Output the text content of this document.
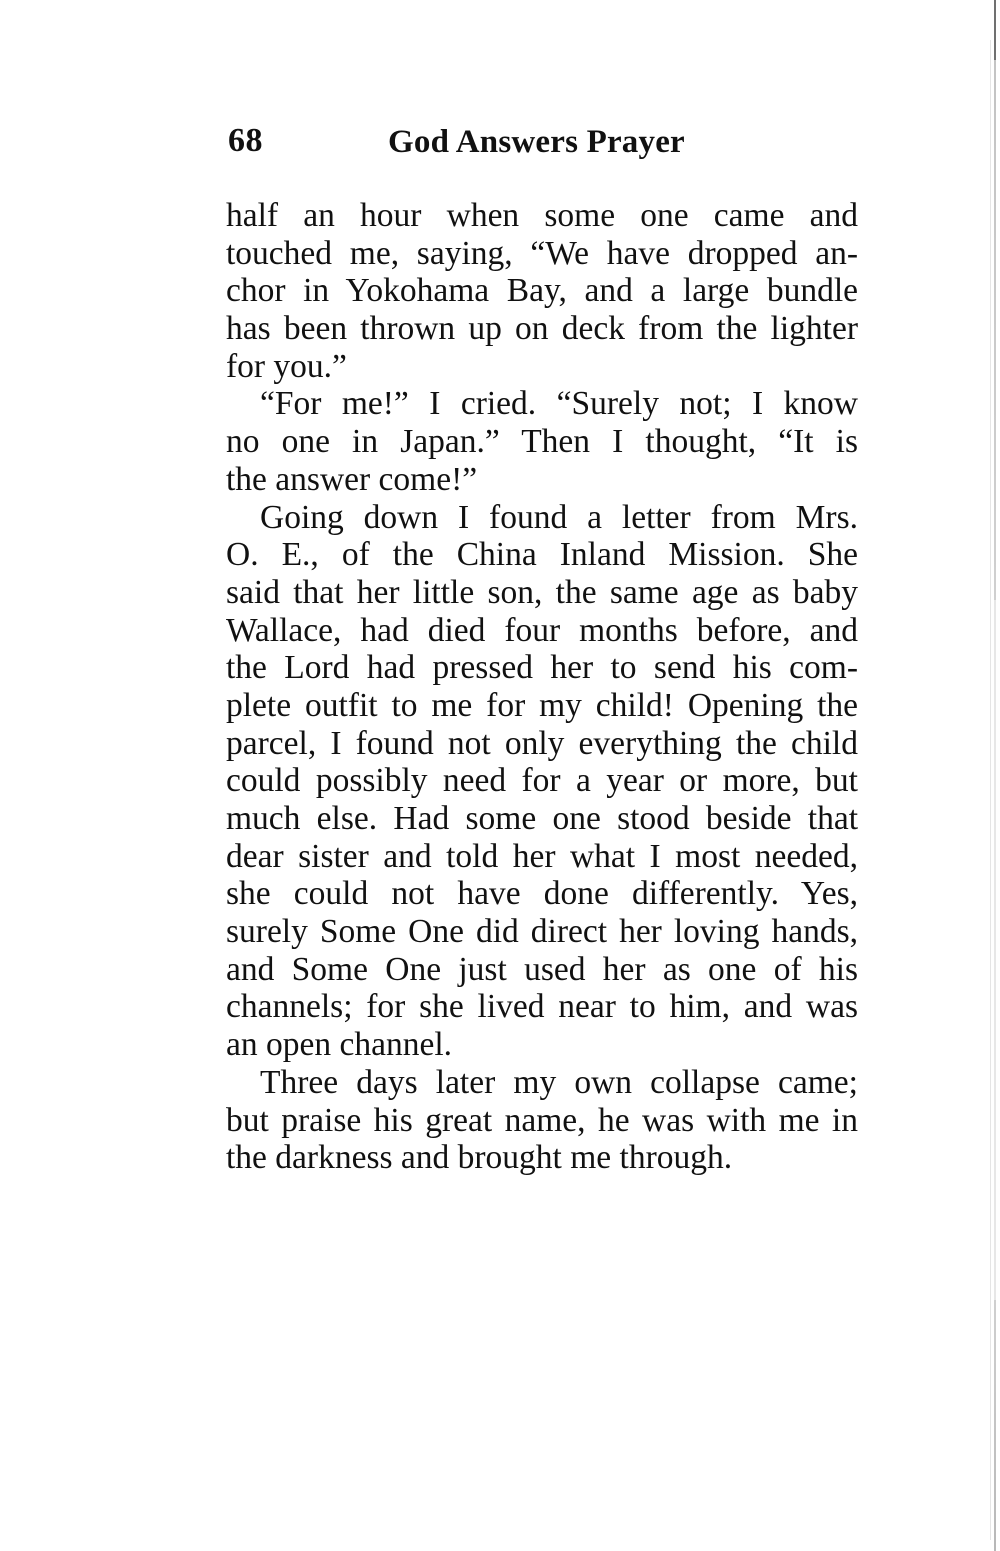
68	God Answers Prayer

half an hour when some one came and
touched me, saying, “We have dropped an-
chor in Yokohama Bay, and a large bundle
has been thrown up on deck from the lighter
for you.”

“For me!” I cried. “Surely not; I know
no one in Japan.” Then I thought, “It is
the answer come!”

Going down I found a letter from Mrs.
O. E., of the China Inland Mission. She
said that her little son, the same age as baby
Wallace, had died four months before, and
the Lord had pressed her to send his com-
plete outfit to me for my child! Opening the
parcel, I found not only everything the child
could possibly need for a year or more, but
much else. Had some one stood beside that
dear sister and told her what I most needed,
she could not have done differently. Yes,
surely Some One did direct her loving hands,
and Some One just used her as one of his
channels; for she lived near to him, and was
an open channel.

Three days later my own collapse came;
but praise his great name, he was with me in
the darkness and brought me through.
